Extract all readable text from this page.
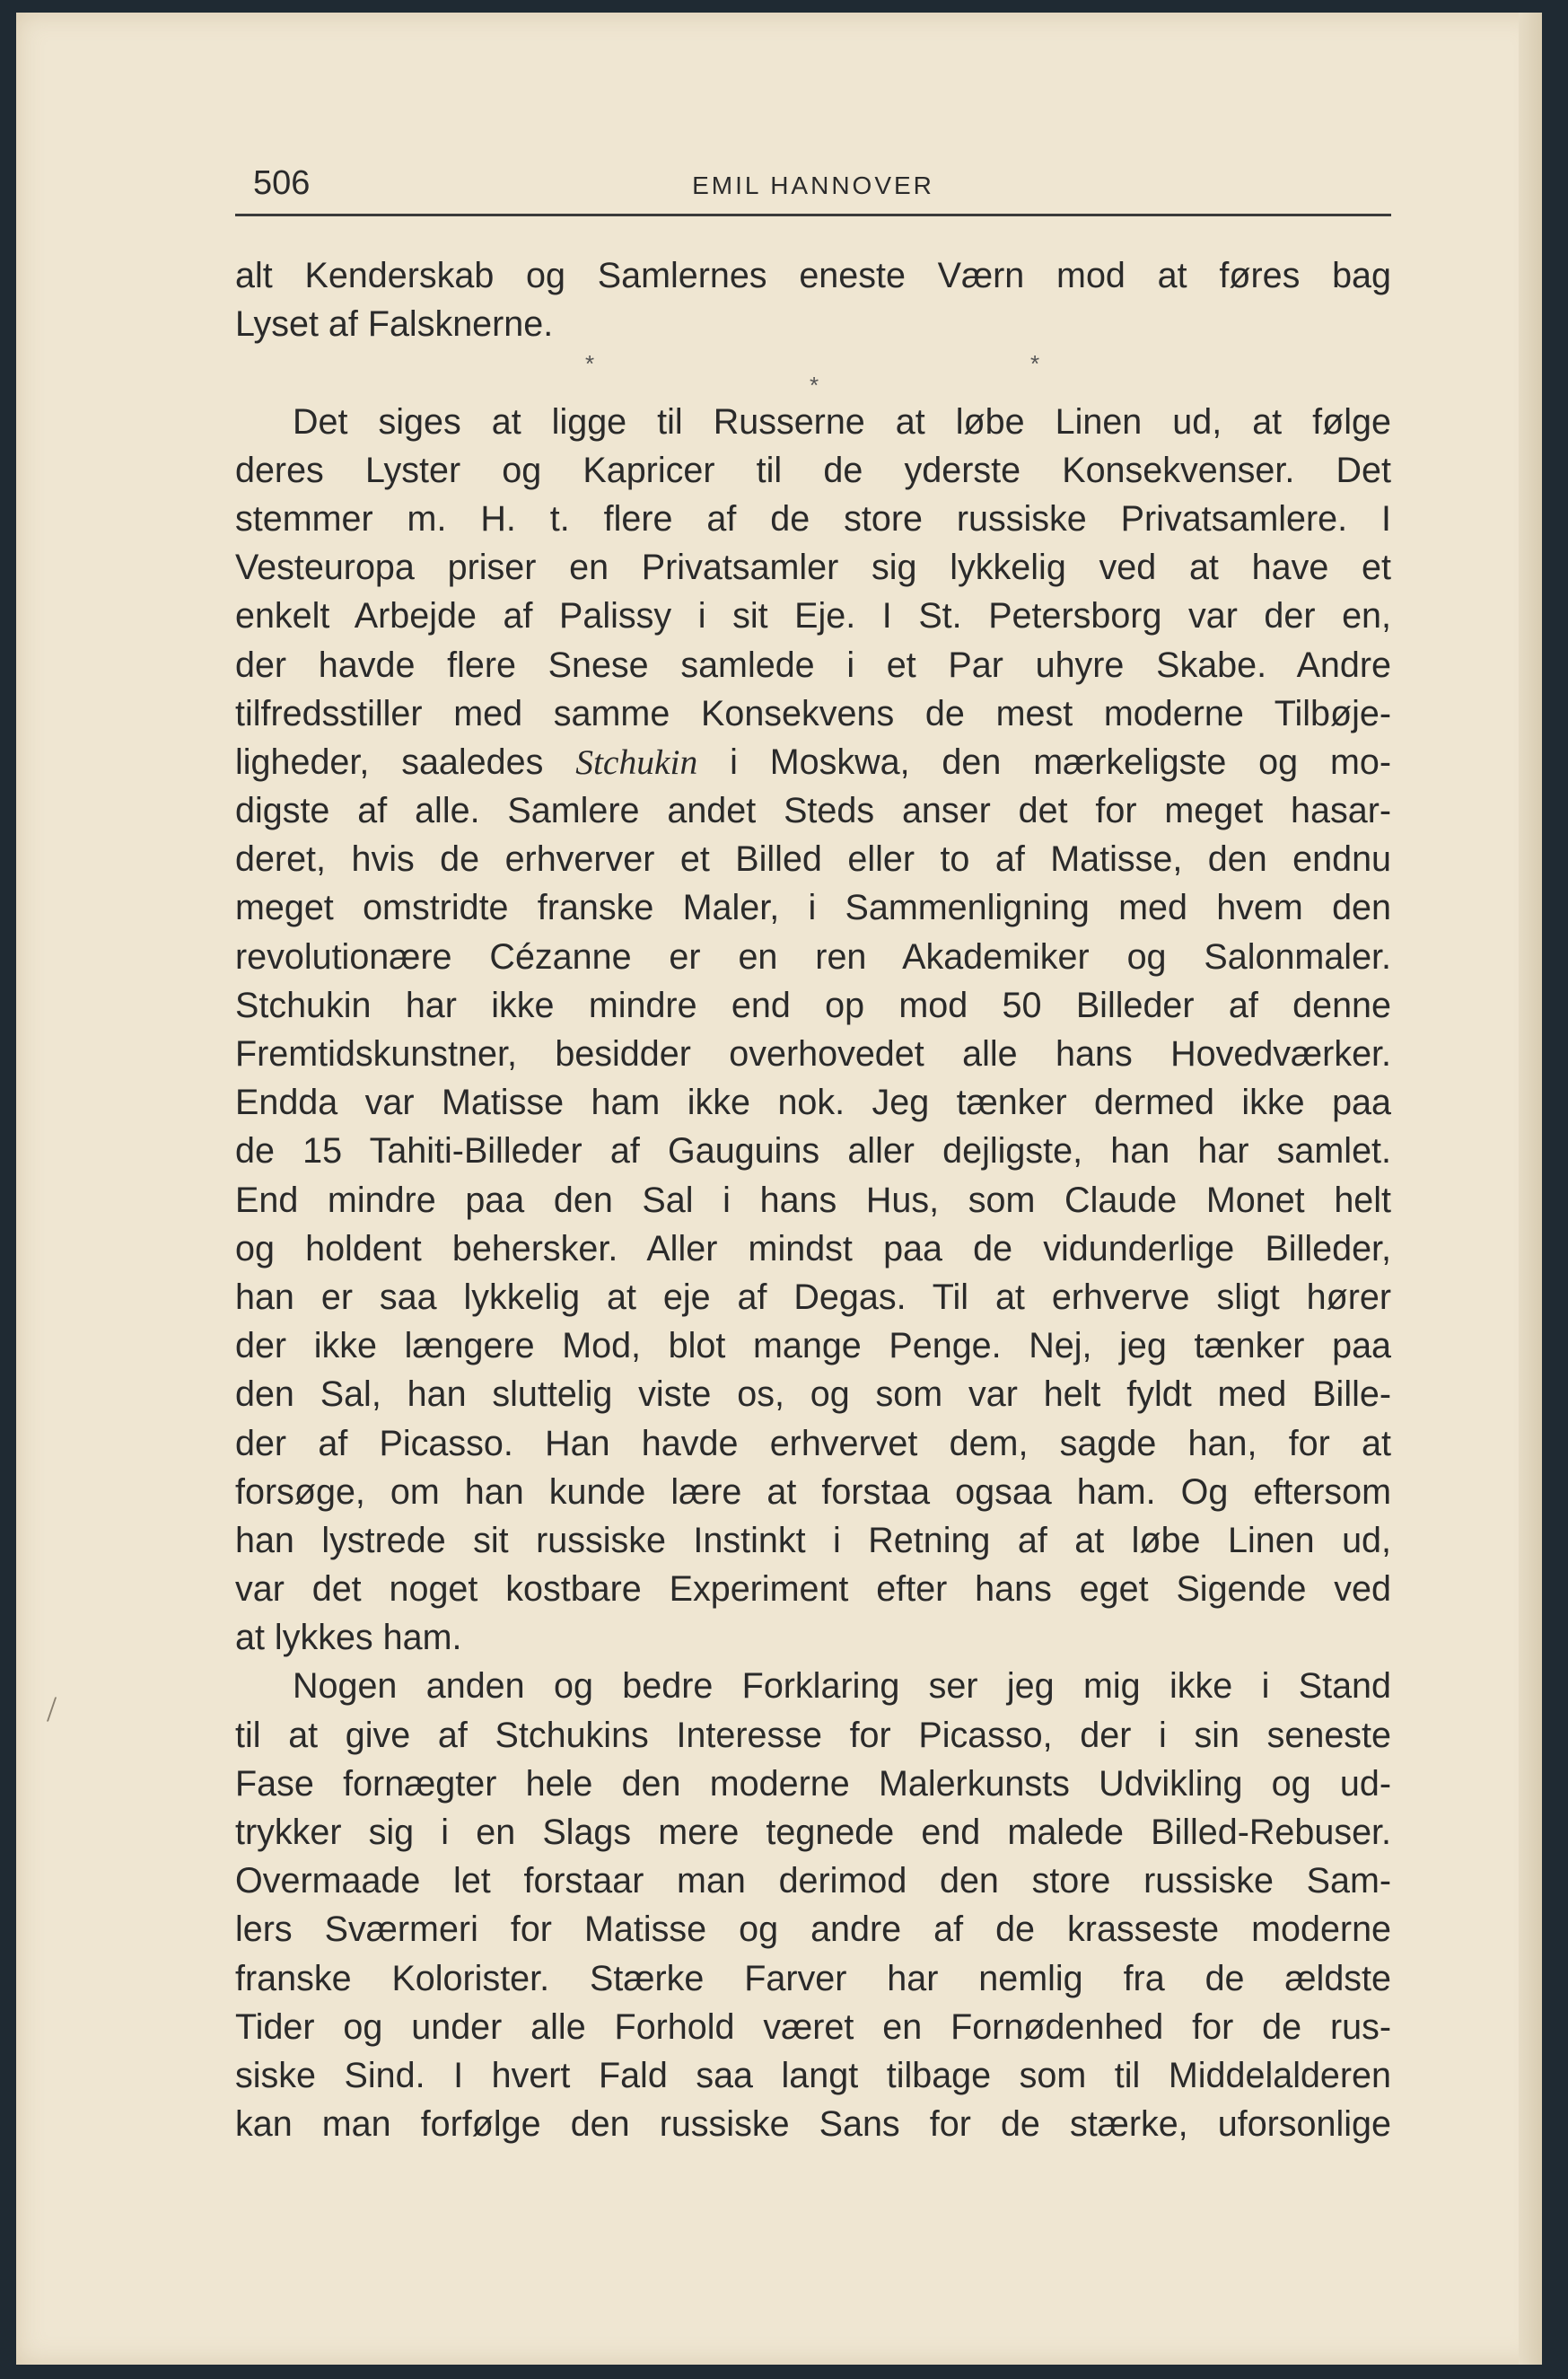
506	EMIL HANNOVER
alt Kenderskab og Samlernes eneste Værn mod at føres bag
Lyset af Falsknerne.
*
*
*
Det siges at ligge til Russerne at løbe Linen ud, at følge
deres Lyster og Kapricer til de yderste Konsekvenser. Det
stemmer m. H. t. flere af de store russiske Privatsamlere. I
Vesteuropa priser en Privatsamler sig lykkelig ved at have et
enkelt Arbejde af Palissy i sit Eje. I St. Petersborg var der en,
der havde flere Snese samlede i et Par uhyre Skabe. Andre
tilfredsstiller med samme Konsekvens de mest moderne Tilbøje-
ligheder, saaledes Stchukin i Moskwa, den mærkeligste og mo-
digste af alle. Samlere andet Steds anser det for meget hasar-
deret, hvis de erhverver et Billed eller to af Matisse, den endnu
meget omstridte franske Maler, i Sammenligning med hvem den
revolutionære Cézanne er en ren Akademiker og Salonmaler.
Stchukin har ikke mindre end op mod 50 Billeder af denne
Fremtidskunstner, besidder overhovedet alle hans Hovedværker.
Endda var Matisse ham ikke nok. Jeg tænker dermed ikke paa
de 15 Tahiti-Billeder af Gauguins aller dejligste, han har samlet.
End mindre paa den Sal i hans Hus, som Claude Monet helt
og holdent behersker. Aller mindst paa de vidunderlige Billeder,
han er saa lykkelig at eje af Degas. Til at erhverve sligt hører
der ikke længere Mod, blot mange Penge. Nej, jeg tænker paa
den Sal, han sluttelig viste os, og som var helt fyldt med Bille-
der af Picasso. Han havde erhvervet dem, sagde han, for at
forsøge, om han kunde lære at forstaa ogsaa ham. Og eftersom
han lystrede sit russiske Instinkt i Retning af at løbe Linen ud,
var det noget kostbare Experiment efter hans eget Sigende ved
at lykkes ham.
Nogen anden og bedre Forklaring ser jeg mig ikke i Stand
til at give af Stchukins Interesse for Picasso, der i sin seneste
Fase fornægter hele den moderne Malerkunsts Udvikling og ud-
trykker sig i en Slags mere tegnede end malede Billed-Rebuser.
Overmaade let forstaar man derimod den store russiske Sam-
lers Sværmeri for Matisse og andre af de krasseste moderne
franske Kolorister. Stærke Farver har nemlig fra de ældste
Tider og under alle Forhold været en Fornødenhed for de rus-
siske Sind. I hvert Fald saa langt tilbage som til Middelalderen
kan man forfølge den russiske Sans for de stærke, uforsonlige
/
